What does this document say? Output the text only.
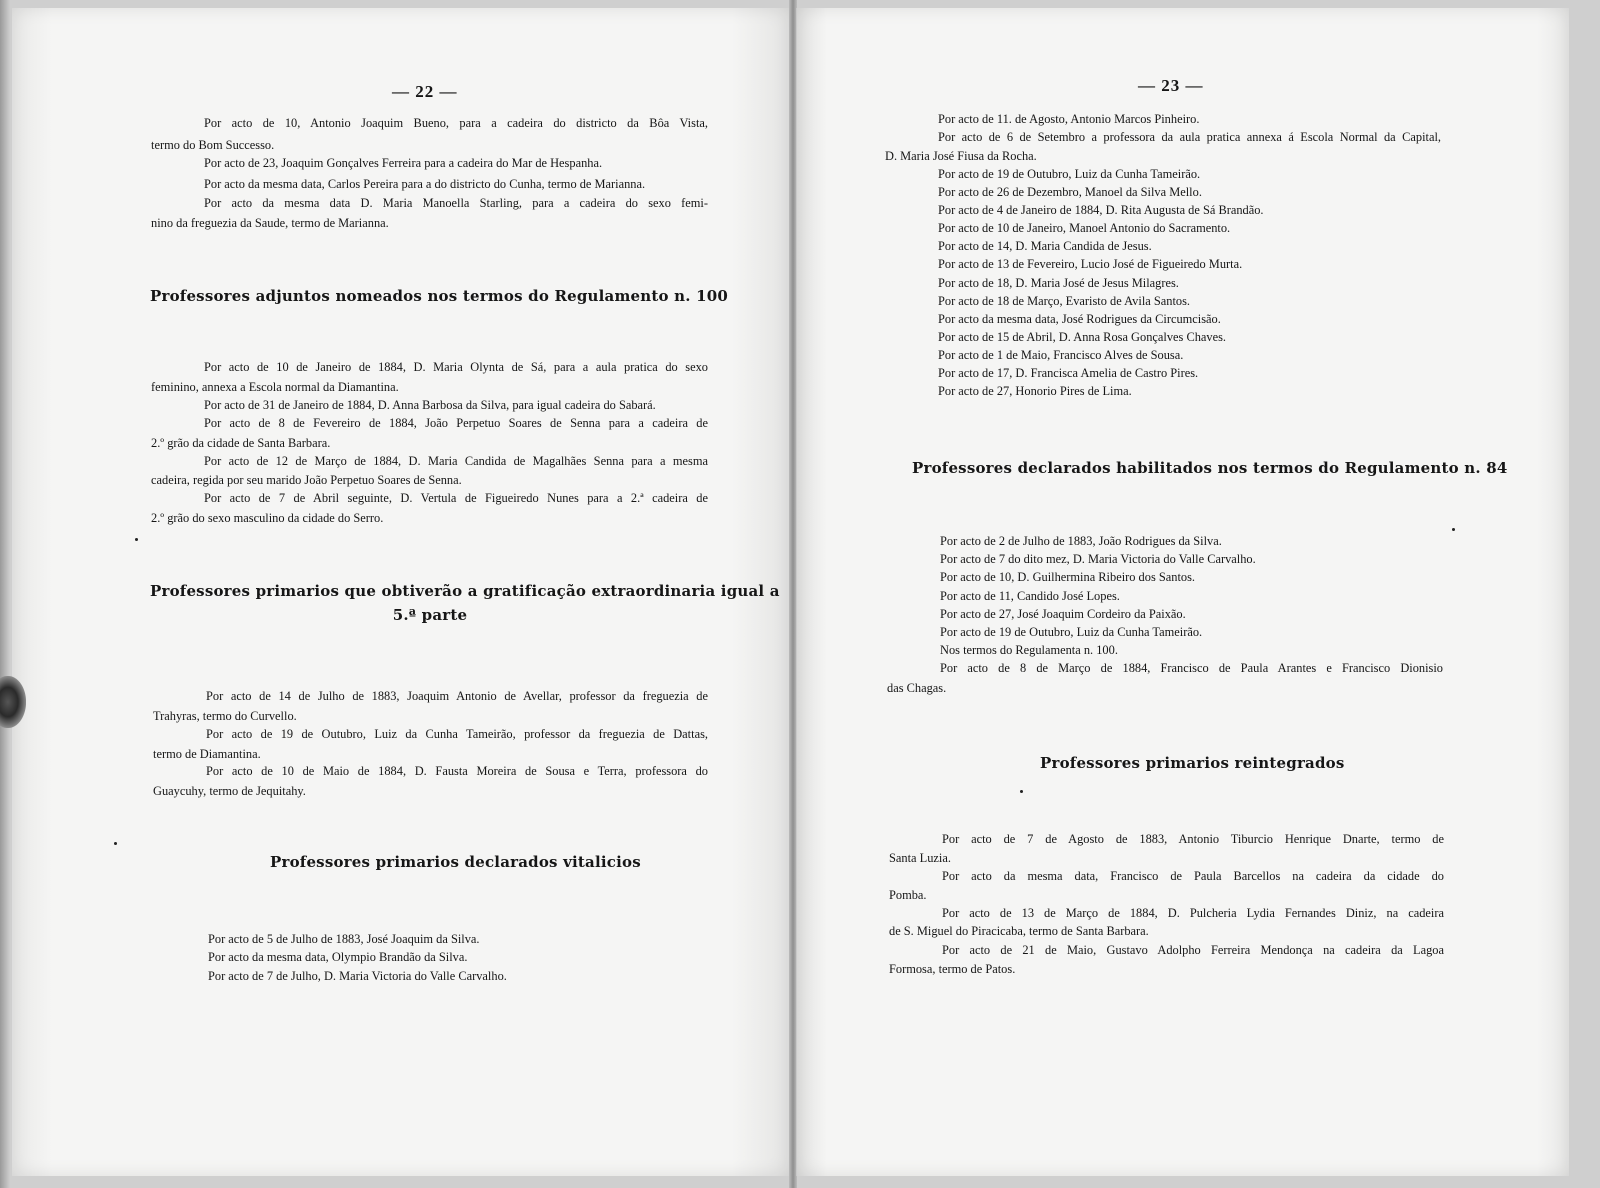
— 22 —
Por acto de 10, Antonio Joaquim Bueno, para a cadeira do districto da Bôa Vista,
termo do Bom Successo.
Por acto de 23, Joaquim Gonçalves Ferreira para a cadeira do Mar de Hespanha.
Por acto da mesma data, Carlos Pereira para a do districto do Cunha, termo de Marianna.
Por acto da mesma data D. Maria Manoella Starling, para a cadeira do sexo femi-
nino da freguezia da Saude, termo de Marianna.
Professores adjuntos nomeados nos termos do Regulamento n. 100
Por acto de 10 de Janeiro de 1884, D. Maria Olynta de Sá, para a aula pratica do sexo
feminino, annexa a Escola normal da Diamantina.
Por acto de 31 de Janeiro de 1884, D. Anna Barbosa da Silva, para igual cadeira do Sabará.
Por acto de 8 de Fevereiro de 1884, João Perpetuo Soares de Senna para a cadeira de
2.º grão da cidade de Santa Barbara.
Por acto de 12 de Março de 1884, D. Maria Candida de Magalhães Senna para a mesma
cadeira, regida por seu marido João Perpetuo Soares de Senna.
Por acto de 7 de Abril seguinte, D. Vertula de Figueiredo Nunes para a 2.ª cadeira de
2.º grão do sexo masculino da cidade do Serro.
Professores primarios que obtiverão a gratificação extraordinaria igual a
5.ª parte
Por acto de 14 de Julho de 1883, Joaquim Antonio de Avellar, professor da freguezia de
Trahyras, termo do Curvello.
Por acto de 19 de Outubro, Luiz da Cunha Tameirão, professor da freguezia de Dattas,
termo de Diamantina.
Por acto de 10 de Maio de 1884, D. Fausta Moreira de Sousa e Terra, professora do
Guaycuhy, termo de Jequitahy.
Professores primarios declarados vitalicios
Por acto de 5 de Julho de 1883, José Joaquim da Silva.
Por acto da mesma data, Olympio Brandão da Silva.
Por acto de 7 de Julho, D. Maria Victoria do Valle Carvalho.
— 23 —
Por acto de 11. de Agosto, Antonio Marcos Pinheiro.
Por acto de 6 de Setembro a professora da aula pratica annexa á Escola Normal da Capital,
D. Maria José Fiusa da Rocha.
Por acto de 19 de Outubro, Luiz da Cunha Tameirão.
Por acto de 26 de Dezembro, Manoel da Silva Mello.
Por acto de 4 de Janeiro de 1884, D. Rita Augusta de Sá Brandão.
Por acto de 10 de Janeiro, Manoel Antonio do Sacramento.
Por acto de 14, D. Maria Candida de Jesus.
Por acto de 13 de Fevereiro, Lucio José de Figueiredo Murta.
Por acto de 18, D. Maria José de Jesus Milagres.
Por acto de 18 de Março, Evaristo de Avila Santos.
Por acto da mesma data, José Rodrigues da Circumcisão.
Por acto de 15 de Abril, D. Anna Rosa Gonçalves Chaves.
Por acto de 1 de Maio, Francisco Alves de Sousa.
Por acto de 17, D. Francisca Amelia de Castro Pires.
Por acto de 27, Honorio Pires de Lima.
Professores declarados habilitados nos termos do Regulamento n. 84
Por acto de 2 de Julho de 1883, João Rodrigues da Silva.
Por acto de 7 do dito mez, D. Maria Victoria do Valle Carvalho.
Por acto de 10, D. Guilhermina Ribeiro dos Santos.
Por acto de 11, Candido José Lopes.
Por acto de 27, José Joaquim Cordeiro da Paixão.
Por acto de 19 de Outubro, Luiz da Cunha Tameirão.
Nos termos do Regulamenta n. 100.
Por acto de 8 de Março de 1884, Francisco de Paula Arantes e Francisco Dionisio
das Chagas.
Professores primarios reintegrados
Por acto de 7 de Agosto de 1883, Antonio Tiburcio Henrique Dnarte, termo de
Santa Luzia.
Por acto da mesma data, Francisco de Paula Barcellos na cadeira da cidade do
Pomba.
Por acto de 13 de Março de 1884, D. Pulcheria Lydia Fernandes Diniz, na cadeira
de S. Miguel do Piracicaba, termo de Santa Barbara.
Por acto de 21 de Maio, Gustavo Adolpho Ferreira Mendonça na cadeira da Lagoa
Formosa, termo de Patos.
